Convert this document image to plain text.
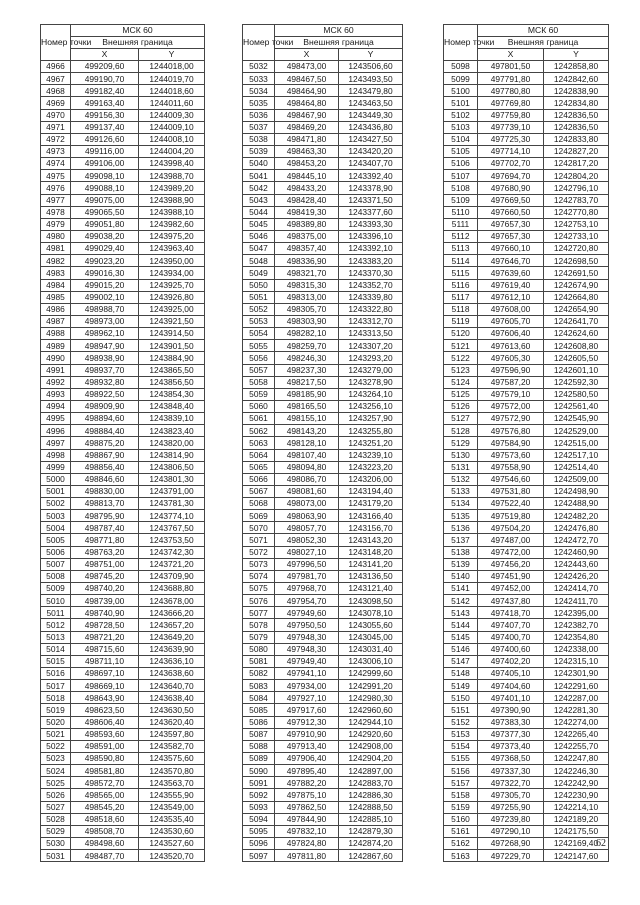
Номер точки	МСК 60	
	Внешняя граница	
	X	Y
4966	499209,60	1244018,00
4967	499190,70	1244019,70
4968	499182,40	1244018,60
4969	499163,40	1244011,60
4970	499156,30	1244009,30
4971	499137,40	1244009,10
4972	499126,60	1244008,10
4973	499116,00	1244004,20
4974	499106,00	1243998,40
4975	499098,10	1243988,70
4976	499088,10	1243989,20
4977	499075,00	1243988,90
4978	499065,50	1243988,10
4979	499051,80	1243982,60
4980	499038,20	1243975,20
4981	499029,40	1243963,40
4982	499023,20	1243950,00
4983	499016,30	1243934,00
4984	499015,20	1243925,70
4985	499002,10	1243926,80
4986	498988,70	1243925,00
4987	498973,00	1243921,50
4988	498962,10	1243914,50
4989	498947,90	1243901,50
4990	498938,90	1243884,90
4991	498937,70	1243865,50
4992	498932,80	1243856,50
4993	498922,50	1243854,30
4994	498909,90	1243848,40
4995	498894,60	1243839,10
4996	498884,40	1243823,40
4997	498875,20	1243820,00
4998	498867,90	1243814,90
4999	498856,40	1243806,50
5000	498846,60	1243801,30
5001	498830,00	1243791,00
5002	498813,70	1243781,30
5003	498795,90	1243774,10
5004	498787,40	1243767,50
5005	498771,80	1243753,50
5006	498763,20	1243742,30
5007	498751,00	1243721,20
5008	498745,20	1243709,90
5009	498740,20	1243688,80
5010	498739,00	1243678,00
5011	498740,90	1243666,20
5012	498728,50	1243657,20
5013	498721,20	1243649,20
5014	498715,60	1243639,90
5015	498711,10	1243636,10
5016	498697,10	1243638,60
5017	498669,10	1243640,70
5018	498643,90	1243638,40
5019	498623,50	1243630,50
5020	498606,40	1243620,40
5021	498593,60	1243597,80
5022	498591,00	1243582,70
5023	498590,80	1243575,60
5024	498581,80	1243570,80
5025	498572,70	1243563,70
5026	498565,00	1243555,90
5027	498545,20	1243549,00
5028	498518,60	1243535,40
5029	498508,70	1243530,60
5030	498498,60	1243527,60
5031	498487,70	1243520,70
Номер точки	МСК 60	
	Внешняя граница	
	X	Y
5032	498473,00	1243506,60
5033	498467,50	1243493,50
5034	498464,90	1243479,80
5035	498464,80	1243463,50
5036	498467,90	1243449,30
5037	498469,20	1243436,80
5038	498471,80	1243427,50
5039	498463,30	1243420,20
5040	498453,20	1243407,70
5041	498445,10	1243392,40
5042	498433,20	1243378,90
5043	498428,40	1243371,50
5044	498419,30	1243377,60
5045	498389,80	1243393,30
5046	498375,00	1243396,10
5047	498357,40	1243392,10
5048	498336,90	1243383,20
5049	498321,70	1243370,30
5050	498315,30	1243352,70
5051	498313,00	1243339,80
5052	498305,70	1243322,80
5053	498303,90	1243312,70
5054	498282,10	1243313,50
5055	498259,70	1243307,20
5056	498246,30	1243293,20
5057	498237,30	1243279,00
5058	498217,50	1243278,90
5059	498185,90	1243264,10
5060	498165,50	1243256,10
5061	498155,10	1243257,90
5062	498143,20	1243255,80
5063	498128,10	1243251,20
5064	498107,40	1243239,10
5065	498094,80	1243223,20
5066	498086,70	1243206,00
5067	498081,60	1243194,40
5068	498073,00	1243179,20
5069	498063,90	1243166,40
5070	498057,70	1243156,70
5071	498052,30	1243143,20
5072	498027,10	1243148,20
5073	497996,50	1243141,20
5074	497981,70	1243136,50
5075	497968,70	1243121,40
5076	497954,70	1243098,50
5077	497949,60	1243078,10
5078	497950,50	1243055,60
5079	497948,30	1243045,00
5080	497948,30	1243031,40
5081	497949,40	1243006,10
5082	497941,10	1242999,60
5083	497934,00	1242991,20
5084	497927,10	1242980,30
5085	497917,60	1242960,60
5086	497912,30	1242944,10
5087	497910,90	1242920,60
5088	497913,40	1242908,00
5089	497906,40	1242904,20
5090	497895,40	1242897,00
5091	497882,20	1242883,70
5092	497875,10	1242886,30
5093	497862,50	1242888,50
5094	497844,90	1242885,10
5095	497832,10	1242879,30
5096	497824,80	1242874,20
5097	497811,80	1242867,60
Номер точки	МСК 60	
	Внешняя граница	
	X	Y
5098	497801,50	1242858,80
5099	497791,80	1242842,60
5100	497780,80	1242838,90
5101	497769,80	1242834,80
5102	497759,80	1242836,50
5103	497739,10	1242836,50
5104	497725,30	1242833,80
5105	497714,10	1242827,20
5106	497702,70	1242817,20
5107	497694,70	1242804,20
5108	497680,90	1242796,10
5109	497669,50	1242783,70
5110	497660,50	1242770,80
5111	497657,30	1242753,10
5112	497657,30	1242733,10
5113	497660,10	1242720,80
5114	497646,70	1242698,50
5115	497639,60	1242691,50
5116	497619,40	1242674,90
5117	497612,10	1242664,80
5118	497608,00	1242654,90
5119	497605,70	1242641,70
5120	497606,40	1242624,60
5121	497613,60	1242608,80
5122	497605,30	1242605,50
5123	497596,90	1242601,10
5124	497587,20	1242592,30
5125	497579,10	1242580,50
5126	497572,00	1242561,40
5127	497572,90	1242545,90
5128	497576,80	1242529,00
5129	497584,90	1242515,00
5130	497573,60	1242517,10
5131	497558,90	1242514,40
5132	497546,60	1242509,00
5133	497531,80	1242498,90
5134	497522,40	1242488,90
5135	497519,80	1242482,20
5136	497504,20	1242476,80
5137	497487,00	1242472,70
5138	497472,00	1242460,90
5139	497456,20	1242443,60
5140	497451,90	1242426,20
5141	497452,00	1242414,70
5142	497437,80	1242411,70
5143	497418,70	1242395,00
5144	497407,70	1242382,70
5145	497400,70	1242354,80
5146	497400,60	1242338,00
5147	497402,20	1242315,10
5148	497405,10	1242301,90
5149	497404,60	1242291,60
5150	497401,10	1242287,00
5151	497390,90	1242281,30
5152	497383,30	1242274,00
5153	497377,30	1242265,40
5154	497373,40	1242255,70
5155	497368,50	1242247,80
5156	497337,30	1242246,30
5157	497322,70	1242242,90
5158	497305,70	1242230,90
5159	497255,90	1242214,10
5160	497239,80	1242189,20
5161	497290,10	1242175,50
5162	497268,90	1242169,40
5163	497229,70	1242147,60
62
